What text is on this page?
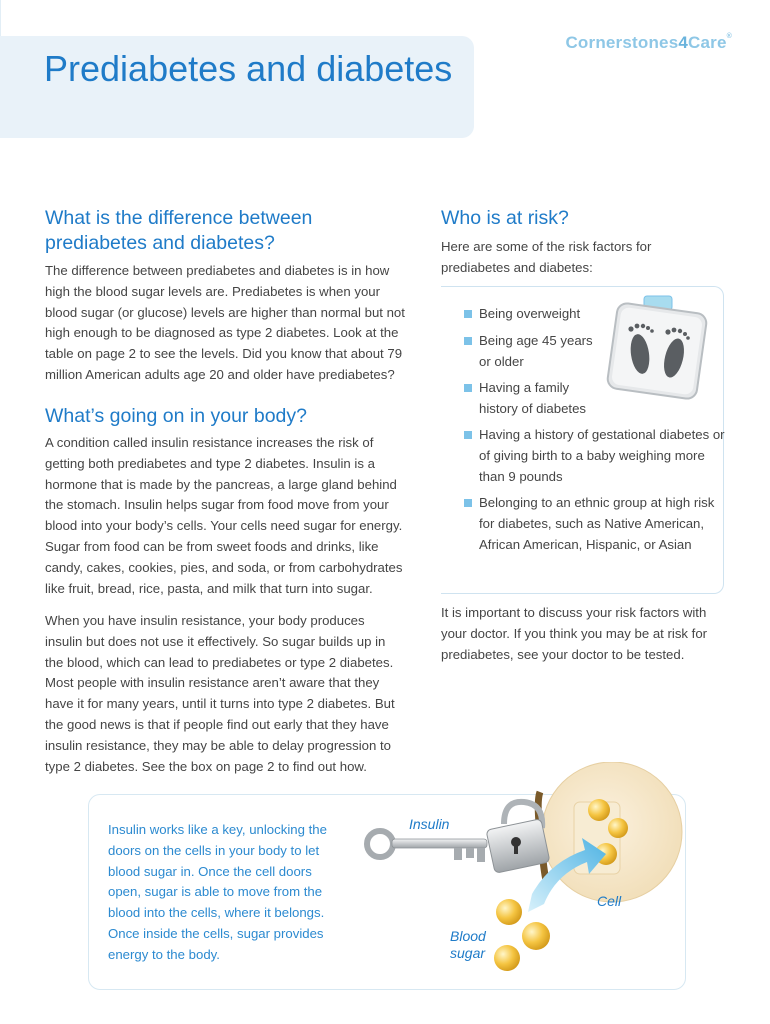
Prediabetes and diabetes
Cornerstones4Care®
What is the difference between prediabetes and diabetes?

The difference between prediabetes and diabetes is in how high the blood sugar levels are. Prediabetes is when your blood sugar (or glucose) levels are higher than normal but not high enough to be diagnosed as type 2 diabetes. Look at the table on page 2 to see the levels. Did you know that about 79 million American adults age 20 and older have prediabetes?

What’s going on in your body?

A condition called insulin resistance increases the risk of getting both prediabetes and type 2 diabetes. Insulin is a hormone that is made by the pancreas, a large gland behind the stomach. Insulin helps sugar from food move from your blood into your body’s cells. Your cells need sugar for energy. Sugar from food can be from sweet foods and drinks, like candy, cakes, cookies, pies, and soda, or from carbohydrates like fruit, bread, rice, pasta, and milk that turn into sugar.

When you have insulin resistance, your body produces insulin but does not use it effectively. So sugar builds up in the blood, which can lead to prediabetes or type 2 diabetes. Most people with insulin resistance aren’t aware that they have it for many years, until it turns into type 2 diabetes. But the good news is that if people find out early that they have insulin resistance, they may be able to delay progression to type 2 diabetes. See the box on page 2 to find out how.

Who is at risk?

Here are some of the risk factors for prediabetes and diabetes:

Being overweight
Being age 45 years or older
Having a family history of diabetes
Having a history of gestational diabetes or of giving birth to a baby weighing more than 9 pounds
Belonging to an ethnic group at high risk for diabetes, such as Native American, African American, Hispanic, or Asian

It is important to discuss your risk factors with your doctor. If you think you may be at risk for prediabetes, see your doctor to be tested.

Insulin works like a key, unlocking the doors on the cells in your body to let blood sugar in. Once the cell doors open, sugar is able to move from the blood into the cells, where it belongs. Once inside the cells, sugar provides energy to the body.

Insulin
Cell
Blood
sugar
